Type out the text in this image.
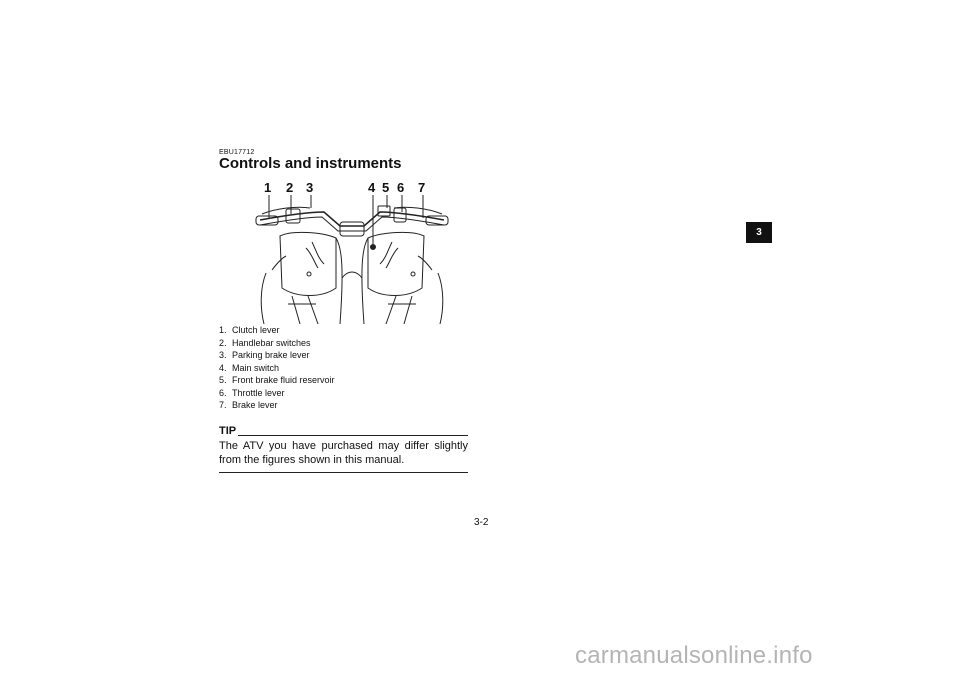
EBU17712
Controls and instruments
1 2 3	4 5 6 7
1. Clutch lever
2. Handlebar switches
3. Parking brake lever
4. Main switch
5. Front brake fluid reservoir
6. Throttle lever
7. Brake lever
TIP

The ATV you have purchased may differ slightly from the figures shown in this manual.

3-2
3
carmanualsonline.info
